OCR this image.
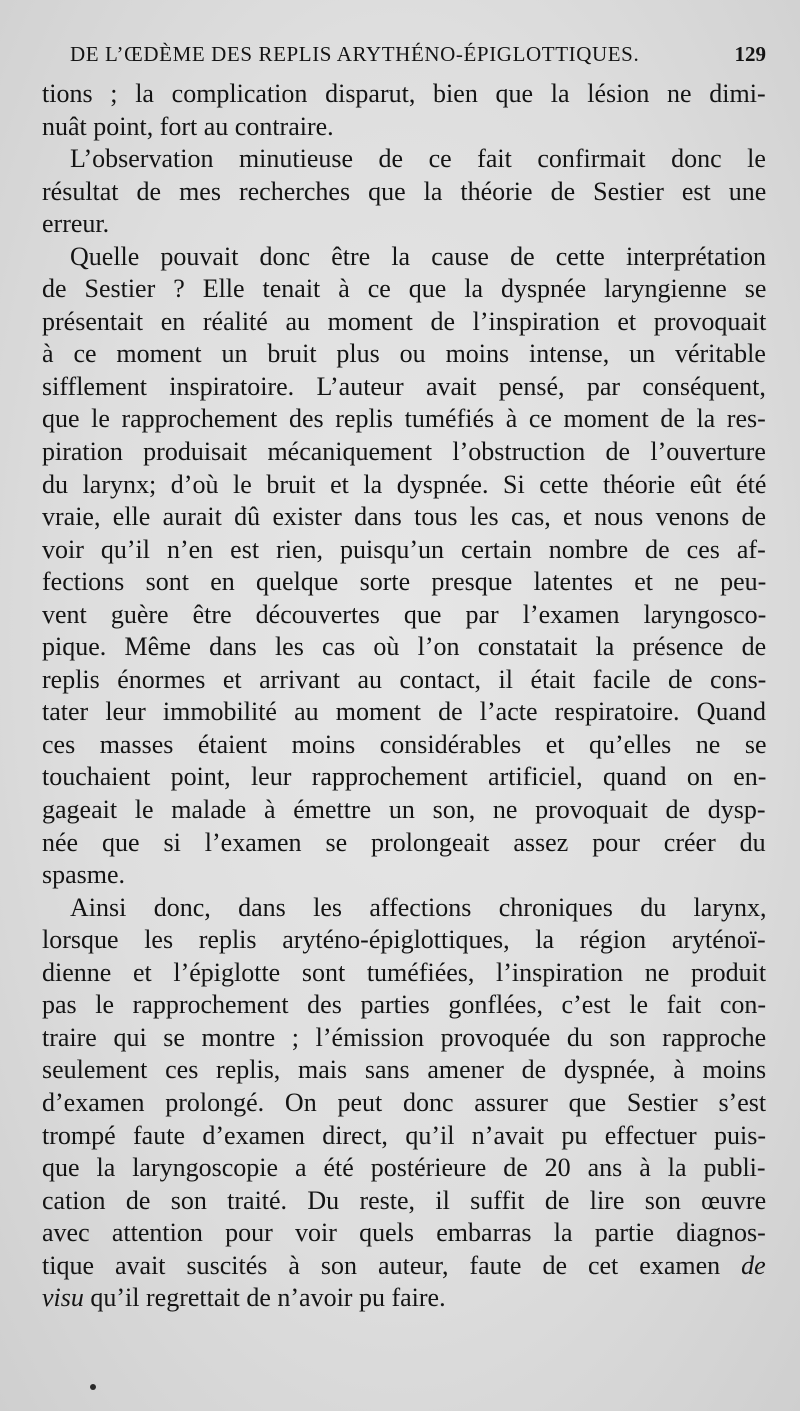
DE L’ŒDÈME DES REPLIS ARYTHÉNO-ÉPIGLOTTIQUES.	129
tions ; la complication disparut, bien que la lésion ne dimi-
nuât point, fort au contraire.
L’observation minutieuse de ce fait confirmait donc le
résultat de mes recherches que la théorie de Sestier est une
erreur.
Quelle pouvait donc être la cause de cette interprétation
de Sestier ? Elle tenait à ce que la dyspnée laryngienne se
présentait en réalité au moment de l’inspiration et provoquait
à ce moment un bruit plus ou moins intense, un véritable
sifflement inspiratoire. L’auteur avait pensé, par conséquent,
que le rapprochement des replis tuméfiés à ce moment de la res-
piration produisait mécaniquement l’obstruction de l’ouverture
du larynx; d’où le bruit et la dyspnée. Si cette théorie eût été
vraie, elle aurait dû exister dans tous les cas, et nous venons de
voir qu’il n’en est rien, puisqu’un certain nombre de ces af-
fections sont en quelque sorte presque latentes et ne peu-
vent guère être découvertes que par l’examen laryngosco-
pique. Même dans les cas où l’on constatait la présence de
replis énormes et arrivant au contact, il était facile de cons-
tater leur immobilité au moment de l’acte respiratoire. Quand
ces masses étaient moins considérables et qu’elles ne se
touchaient point, leur rapprochement artificiel, quand on en-
gageait le malade à émettre un son, ne provoquait de dysp-
née que si l’examen se prolongeait assez pour créer du
spasme.
Ainsi donc, dans les affections chroniques du larynx,
lorsque les replis aryténo-épiglottiques, la région aryténoï-
dienne et l’épiglotte sont tuméfiées, l’inspiration ne produit
pas le rapprochement des parties gonflées, c’est le fait con-
traire qui se montre ; l’émission provoquée du son rapproche
seulement ces replis, mais sans amener de dyspnée, à moins
d’examen prolongé. On peut donc assurer que Sestier s’est
trompé faute d’examen direct, qu’il n’avait pu effectuer puis-
que la laryngoscopie a été postérieure de 20 ans à la publi-
cation de son traité. Du reste, il suffit de lire son œuvre
avec attention pour voir quels embarras la partie diagnos-
tique avait suscités à son auteur, faute de cet examen de
visu qu’il regrettait de n’avoir pu faire.
